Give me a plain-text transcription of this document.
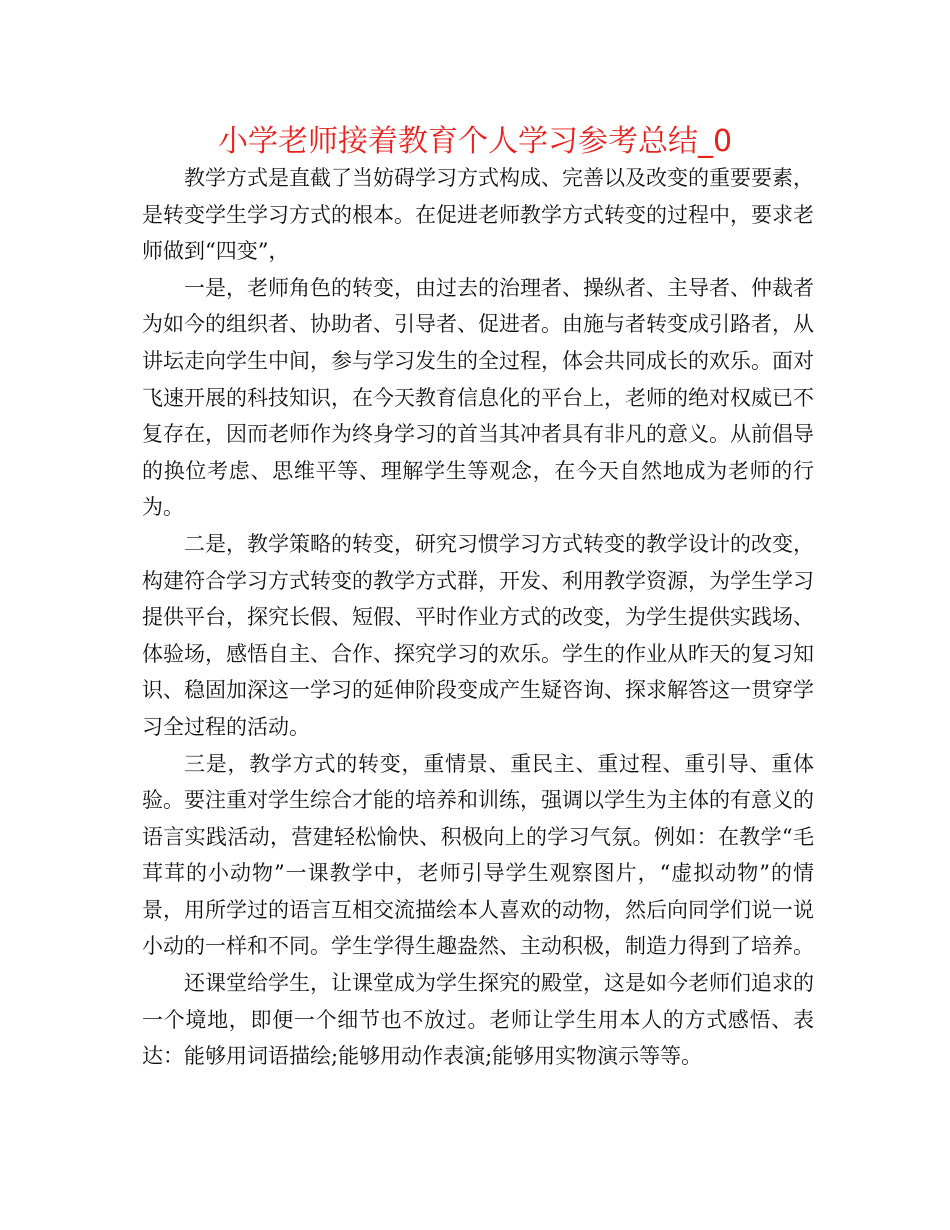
小学老师接着教育个人学习参考总结_0

教学方式是直截了当妨碍学习方式构成、完善以及改变的重要要素，是转变学生学习方式的根本。在促进老师教学方式转变的过程中，要求老师做到“四变”，

一是，老师角色的转变，由过去的治理者、操纵者、主导者、仲裁者为如今的组织者、协助者、引导者、促进者。由施与者转变成引路者，从讲坛走向学生中间，参与学习发生的全过程，体会共同成长的欢乐。面对飞速开展的科技知识，在今天教育信息化的平台上，老师的绝对权威已不复存在，因而老师作为终身学习的首当其冲者具有非凡的意义。从前倡导的换位考虑、思维平等、理解学生等观念，在今天自然地成为老师的行为。

二是，教学策略的转变，研究习惯学习方式转变的教学设计的改变，构建符合学习方式转变的教学方式群，开发、利用教学资源，为学生学习提供平台，探究长假、短假、平时作业方式的改变，为学生提供实践场、体验场，感悟自主、合作、探究学习的欢乐。学生的作业从昨天的复习知识、稳固加深这一学习的延伸阶段变成产生疑咨询、探求解答这一贯穿学习全过程的活动。

三是，教学方式的转变，重情景、重民主、重过程、重引导、重体验。要注重对学生综合才能的培养和训练，强调以学生为主体的有意义的语言实践活动，营建轻松愉快、积极向上的学习气氛。例如：在教学“毛茸茸的小动物”一课教学中，老师引导学生观察图片，“虚拟动物”的情景，用所学过的语言互相交流描绘本人喜欢的动物，然后向同学们说一说小动的一样和不同。学生学得生趣盎然、主动积极，制造力得到了培养。

还课堂给学生，让课堂成为学生探究的殿堂，这是如今老师们追求的一个境地，即便一个细节也不放过。老师让学生用本人的方式感悟、表达：能够用词语描绘;能够用动作表演;能够用实物演示等等。
